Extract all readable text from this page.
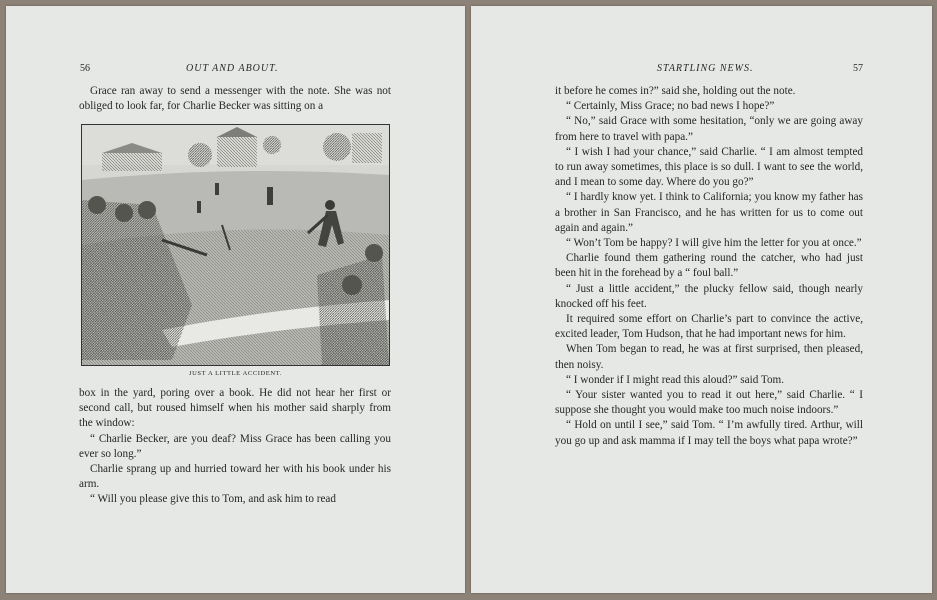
56	OUT AND ABOUT.

Grace ran away to send a messenger with the note. She was not obliged to look far, for Charlie Becker was sitting on a

JUST A LITTLE ACCIDENT.

box in the yard, poring over a book. He did not hear her first or second call, but roused himself when his mother said sharply from the window:

“ Charlie Becker, are you deaf? Miss Grace has been calling you ever so long.”

Charlie sprang up and hurried toward her with his book under his arm.

“ Will you please give this to Tom, and ask him to read

STARTLING NEWS.	57

it before he comes in?” said she, holding out the note.

“ Certainly, Miss Grace; no bad news I hope?”

“ No,” said Grace with some hesitation, “only we are going away from here to travel with papa.”

“ I wish I had your chance,” said Charlie. “ I am almost tempted to run away sometimes, this place is so dull. I want to see the world, and I mean to some day. Where do you go?”

“ I hardly know yet. I think to California; you know my father has a brother in San Francisco, and he has written for us to come out again and again.”

“ Won’t Tom be happy? I will give him the letter for you at once.”

Charlie found them gathering round the catcher, who had just been hit in the forehead by a “ foul ball.”

“ Just a little accident,” the plucky fellow said, though nearly knocked off his feet.

It required some effort on Charlie’s part to convince the active, excited leader, Tom Hudson, that he had important news for him.

When Tom began to read, he was at first surprised, then pleased, then noisy.

“ I wonder if I might read this aloud?” said Tom.

“ Your sister wanted you to read it out here,” said Charlie. “ I suppose she thought you would make too much noise indoors.”

“ Hold on until I see,” said Tom. “ I’m awfully tired. Arthur, will you go up and ask mamma if I may tell the boys what papa wrote?”
